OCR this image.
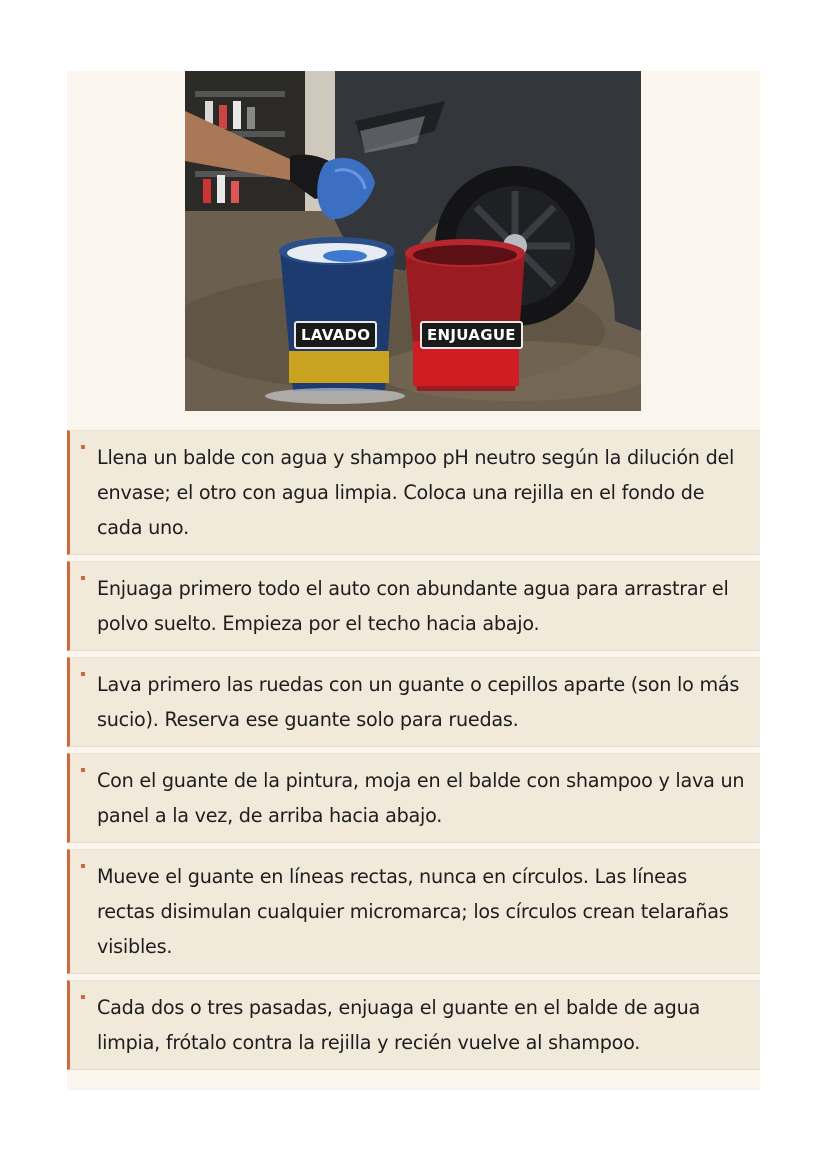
LAVADO	ENJUAGUE

Llena un balde con agua y shampoo pH neutro según la dilución del envase; el otro con agua limpia. Coloca una rejilla en el fondo de cada uno.

Enjuaga primero todo el auto con abundante agua para arrastrar el polvo suelto. Empieza por el techo hacia abajo.

Lava primero las ruedas con un guante o cepillos aparte (son lo más sucio). Reserva ese guante solo para ruedas.

Con el guante de la pintura, moja en el balde con shampoo y lava un panel a la vez, de arriba hacia abajo.

Mueve el guante en líneas rectas, nunca en círculos. Las líneas rectas disimulan cualquier micromarca; los círculos crean telarañas visibles.

Cada dos o tres pasadas, enjuaga el guante en el balde de agua limpia, frótalo contra la rejilla y recién vuelve al shampoo.
